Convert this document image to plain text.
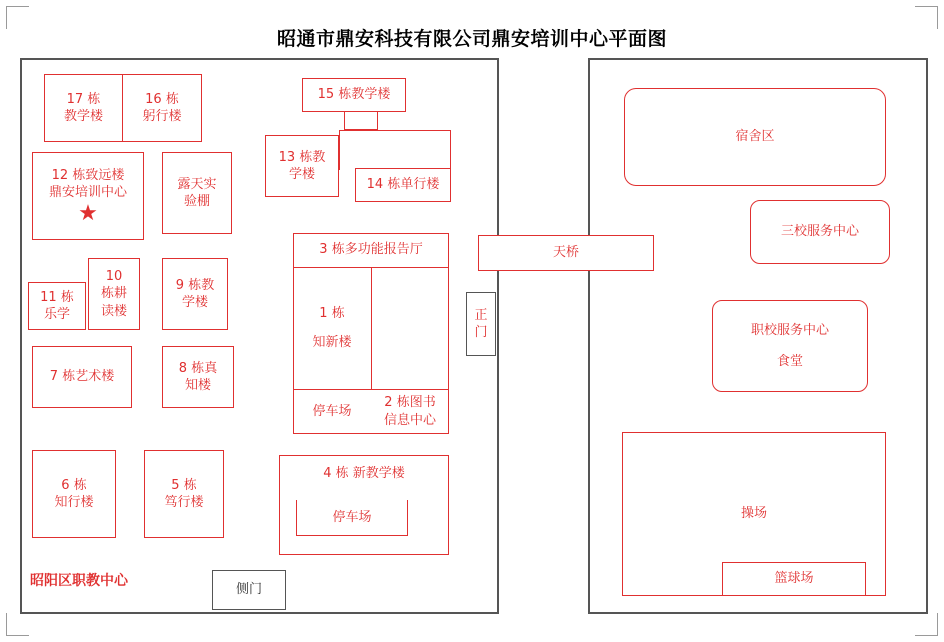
昭通市鼎安科技有限公司鼎安培训中心平面图
17 栋
教学楼
16 栋
躬行楼
12 栋致远楼
鼎安培训中心
★
露天实
验棚
11 栋
乐学
10
栋耕
读楼
9 栋教
学楼
7 栋艺术楼
8 栋真
知楼
6 栋
知行楼
5 栋
笃行楼
15 栋教学楼
13 栋教
学楼
14 栋单行楼
3 栋多功能报告厅
1 栋
知新楼
停车场
2 栋图书
信息中心
4 栋 新教学楼
停车场
正
门
侧门
天桥
昭阳区职教中心
宿舍区
三校服务中心
职校服务中心
食堂
操场
篮球场
